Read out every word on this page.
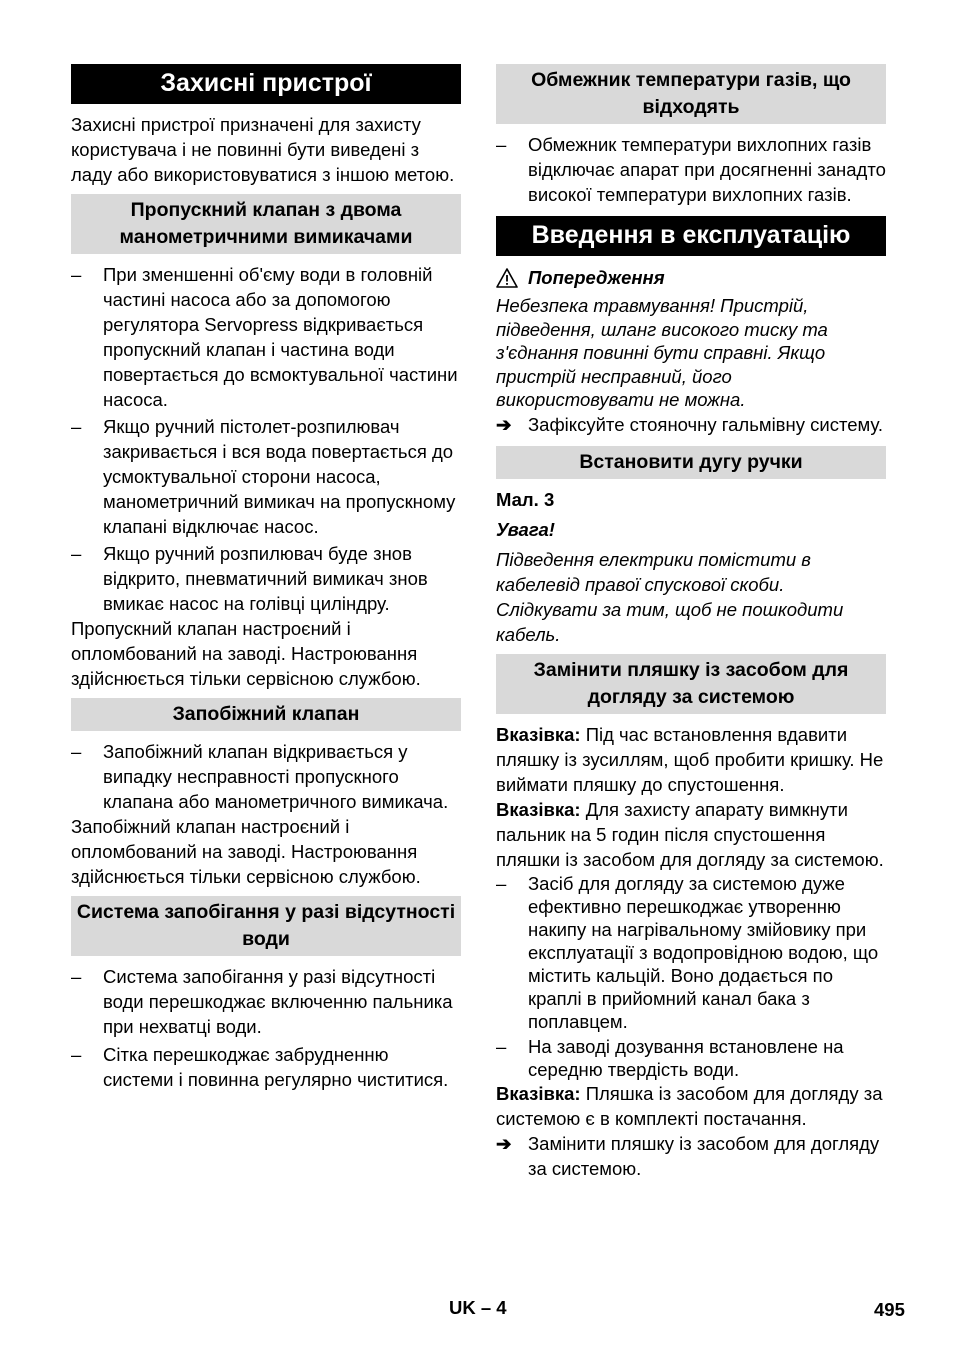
Захисні пристрої
Захисні пристрої призначені для захисту користувача і не повинні бути виведені з ладу або використовуватися з іншою метою.
Пропускний клапан з двома манометричними вимикачами
– При зменшенні об'єму води в головній частині насоса або за допомогою регулятора Servopress відкривається пропускний клапан і частина води повертається до всмоктувальної частини насоса.
– Якщо ручний пістолет-розпилювач закривається і вся вода повертається до усмоктувальної сторони насоса, манометричний вимикач на пропускному клапані відключає насос.
– Якщо ручний розпилювач буде знов відкрито, пневматичний вимикач знов вмикає насос на голівці циліндру.
Пропускний клапан настроєний і опломбований на заводі. Настроювання здійснюється тільки сервісною службою.
Запобіжний клапан
– Запобіжний клапан відкривається у випадку несправності пропускного клапана або манометричного вимикача.
Запобіжний клапан настроєний і опломбований на заводі. Настроювання здійснюється тільки сервісною службою.
Система запобігання у разі відсутності води
– Система запобігання у разі відсутності води перешкоджає включенню пальника при нехватці води.
– Сітка перешкоджає забрудненню системи і повинна регулярно чиститися.
Обмежник температури газів, що відходять
– Обмежник температури вихлопних газів відключає апарат при досягненні занадто високої температури вихлопних газів.
Введення в експлуатацію
Попередження
Небезпека травмування! Пристрій, підведення, шланг високого тиску та з'єднання повинні бути справні. Якщо пристрій несправний, його використовувати не можна.
➔ Зафіксуйте стояночну гальмівну систему.
Встановити дугу ручки
Мал. 3
Увага!
Підведення електрики помістити в кабелевід правої спускової скоби. Слідкувати за тим, щоб не пошкодити кабель.
Замінити пляшку із засобом для догляду за системою
Вказівка: Під час встановлення вдавити пляшку із зусиллям, щоб пробити кришку. Не виймати пляшку до спустошення.
Вказівка: Для захисту апарату вимкнути пальник на 5 годин після спустошення пляшки із засобом для догляду за системою.
– Засіб для догляду за системою дуже ефективно перешкоджає утворенню накипу на нагрівальному змійовику при експлуатації з водопровідною водою, що містить кальцій. Воно додається по краплі в прийомний канал бака з поплавцем.
– На заводі дозування встановлене на середню твердість води.
Вказівка: Пляшка із засобом для догляду за системою є в комплекті постачання.
➔ Замінити пляшку із засобом для догляду за системою.
UK – 4	495
